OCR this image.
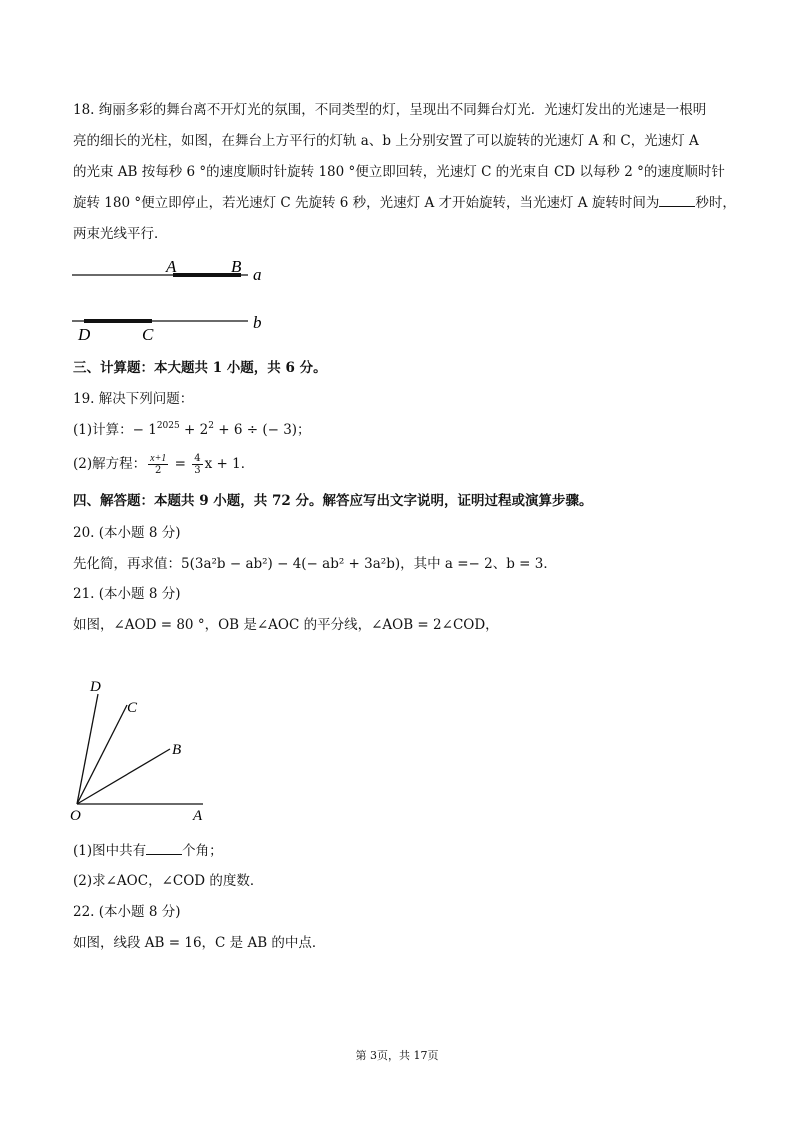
18. 绚丽多彩的舞台离不开灯光的氛围，不同类型的灯，呈现出不同舞台灯光．光速灯发出的光速是一根明
亮的细长的光柱，如图，在舞台上方平行的灯轨 a、b 上分别安置了可以旋转的光速灯 A 和 C，光速灯 A
的光束 AB 按每秒 6 °的速度顺时针旋转 180 °便立即回转，光速灯 C 的光束自 CD 以每秒 2 °的速度顺时针
旋转 180 °便立即停止，若光速灯 C 先旋转 6 秒，光速灯 A 才开始旋转，当光速灯 A 旋转时间为	秒时，
两束光线平行．
A	B a
D	C
b
三、计算题：本大题共 1 小题，共 6 分。
19. 解决下列问题：
(1)计算：− $1^{2025} + 2^2 + 6$ ÷ (− 3)；
(2)解方程： $\frac{x+1}{2} = \frac{4}{3}$ x + 1．
四、解答题：本题共 9 小题，共 72 分。解答应写出文字说明，证明过程或演算步骤。
20. (本小题 8 分)
先化简，再求值：5(3a²b − ab²) − 4(− ab² + 3a²b)，其中 a =− 2、b = 3．
21. (本小题 8 分)
如图，∠AOD = 80 °，OB 是∠AOC 的平分线，∠AOB = 2∠COD，
D
C
B
O	A
(1)图中共有	个角；
(2)求∠AOC，∠COD 的度数．
22. (本小题 8 分)
如图，线段 AB = 16，C 是 AB 的中点．
第 3页，共 17页
